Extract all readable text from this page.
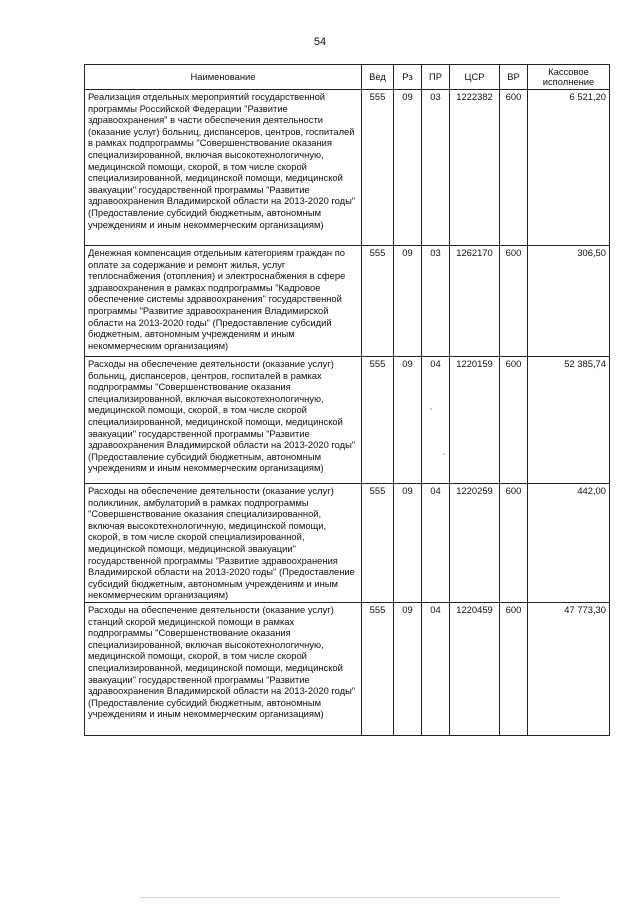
54
Наименование	Вед	Рз	ПР	ЦСР	ВР	Кассовое исполнение
Реализация отдельных мероприятий государственной программы Российской Федерации "Развитие здравоохранения" в части обеспечения деятельности (оказание услуг) больниц, диспансеров, центров, госпиталей в рамках подпрограммы "Совершенствование оказания специализированной, включая высокотехнологичную, медицинской помощи, скорой, в том числе скорой специализированной, медицинской помощи, медицинской эвакуации" государственной программы "Развитие здравоохранения Владимирской области на 2013-2020 годы" (Предоставление субсидий бюджетным, автономным учреждениям и иным некоммерческим организациям)	555	09	03	1222382	600	6 521,20
Денежная компенсация отдельным категориям граждан по оплате за содержание и ремонт жилья, услуг теплоснабжения (отопления) и электроснабжения в сфере здравоохранения в рамках подпрограммы "Кадровое обеспечение системы здравоохранения" государственной программы "Развитие здравоохранения Владимирской области на 2013-2020 годы" (Предоставление субсидий бюджетным, автономным учреждениям и иным некоммерческим организациям)	555	09	03	1262170	600	306,50
Расходы на обеспечение деятельности (оказание услуг) больниц, диспансеров, центров, госпиталей в рамках подпрограммы "Совершенствование оказания специализированной, включая высокотехнологичную, медицинской помощи, скорой, в том числе скорой специализированной, медицинской помощи, медицинской эвакуации" государственной программы "Развитие здравоохранения Владимирской области на 2013-2020 годы" (Предоставление субсидий бюджетным, автономным учреждениям и иным некоммерческим организациям)	555	09	04	1220159	600	52 385,74
Расходы на обеспечение деятельности (оказание услуг) поликлиник, амбулаторий в рамках подпрограммы "Совершенствование оказания специализированной, включая высокотехнологичную, медицинской помощи, скорой, в том числе скорой специализированной, медицинской помощи, медицинской эвакуации" государственной программы "Развитие здравоохранения Владимирской области на 2013-2020 годы" (Предоставление субсидий бюджетным, автономным учреждениям и иным некоммерческим организациям)	555	09	04	1220259	600	442,00
Расходы на обеспечение деятельности (оказание услуг) станций скорой медицинской помощи в рамках подпрограммы "Совершенствование оказания специализированной, включая высокотехнологичную, медицинской помощи, скорой, в том числе скорой специализированной, медицинской помощи, медицинской эвакуации" государственной программы "Развитие здравоохранения Владимирской области на 2013-2020 годы" (Предоставление субсидий бюджетным, автономным учреждениям и иным некоммерческим организациям)	555	09	04	1220459	600	47 773,30
